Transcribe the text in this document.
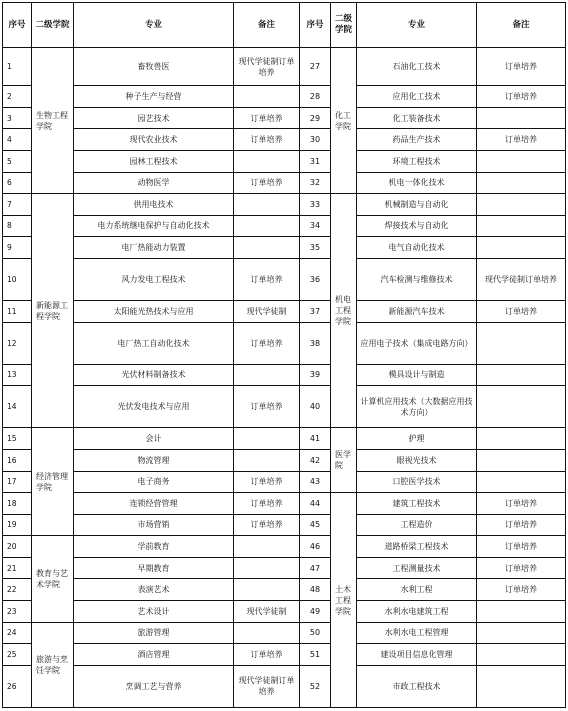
序号	二级学院	专业	备注	序号	二级学院	专业	备注
1	生物工程学院	畜牧兽医	现代学徒制订单培养	27	化工学院	石油化工技术	订单培养
2		种子生产与经营		28		应用化工技术	订单培养
3		园艺技术	订单培养	29		化工装备技术	
4		现代农业技术	订单培养	30		药品生产技术	订单培养
5		园林工程技术		31		环境工程技术	
6		动物医学	订单培养	32		机电一体化技术	
7	新能源工程学院	供用电技术		33	机电工程学院	机械制造与自动化	
8		电力系统继电保护与自动化技术		34		焊接技术与自动化	
9		电厂热能动力装置		35		电气自动化技术	
10		风力发电工程技术	订单培养	36		汽车检测与维修技术	现代学徒制订单培养
11		太阳能光热技术与应用	现代学徒制	37		新能源汽车技术	订单培养
12		电厂热工自动化技术	订单培养	38		应用电子技术（集成电路方向）	
13		光伏材料制备技术		39		模具设计与制造	
14		光伏发电技术与应用	订单培养	40		计算机应用技术（大数据应用技术方向）	
15	经济管理学院	会计		41	医学院	护理	
16		物流管理		42		眼视光技术	
17		电子商务	订单培养	43		口腔医学技术	
18		连锁经营管理	订单培养	44	土木工程学院	建筑工程技术	订单培养
19		市场营销	订单培养	45		工程造价	订单培养
20	教育与艺术学院	学前教育		46		道路桥梁工程技术	订单培养
21		早期教育		47		工程测量技术	订单培养
22		表演艺术		48		水利工程	订单培养
23		艺术设计	现代学徒制	49		水利水电建筑工程	
24	旅游与烹饪学院	旅游管理		50		水利水电工程管理	
25		酒店管理	订单培养	51		建设项目信息化管理	
26		烹调工艺与营养	现代学徒制订单培养	52		市政工程技术	
